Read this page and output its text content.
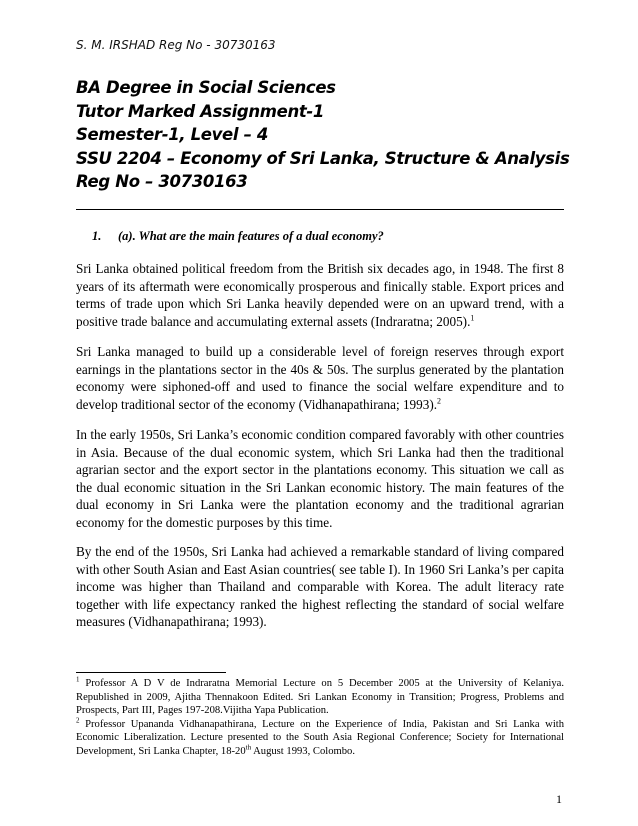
S. M. IRSHAD Reg No - 30730163
BA Degree in Social Sciences
Tutor Marked Assignment-1
Semester-1, Level – 4
SSU 2204 – Economy of Sri Lanka, Structure & Analysis
Reg No – 30730163
1. (a). What are the main features of a dual economy?
Sri Lanka obtained political freedom from the British six decades ago, in 1948. The first 8 years of its aftermath were economically prosperous and finically stable. Export prices and terms of trade upon which Sri Lanka heavily depended were on an upward trend, with a positive trade balance and accumulating external assets (Indraratna; 2005).$^1$
Sri Lanka managed to build up a considerable level of foreign reserves through export earnings in the plantations sector in the 40s & 50s. The surplus generated by the plantation economy were siphoned-off and used to finance the social welfare expenditure and to develop traditional sector of the economy (Vidhanapathirana; 1993).$^2$
In the early 1950s, Sri Lanka’s economic condition compared favorably with other countries in Asia. Because of the dual economic system, which Sri Lanka had then the traditional agrarian sector and the export sector in the plantations economy. This situation we call as the dual economic situation in the Sri Lankan economic history. The main features of the dual economy in Sri Lanka were the plantation economy and the traditional agrarian economy for the domestic purposes by this time.
By the end of the 1950s, Sri Lanka had achieved a remarkable standard of living compared with other South Asian and East Asian countries( see table I). In 1960 Sri Lanka’s per capita income was higher than Thailand and comparable with Korea. The adult literacy rate together with life expectancy ranked the highest reflecting the standard of social welfare measures (Vidhanapathirana; 1993).
$^1$ Professor A D V de Indraratna Memorial Lecture on 5 December 2005 at the University of Kelaniya. Republished in 2009, Ajitha Thennakoon Edited. Sri Lankan Economy in Transition; Progress, Problems and Prospects, Part III, Pages 197-208.Vijitha Yapa Publication.
$^2$ Professor Upananda Vidhanapathirana, Lecture on the Experience of India, Pakistan and Sri Lanka with Economic Liberalization. Lecture presented to the South Asia Regional Conference; Society for International Development, Sri Lanka Chapter, 18-20th August 1993, Colombo.
1
